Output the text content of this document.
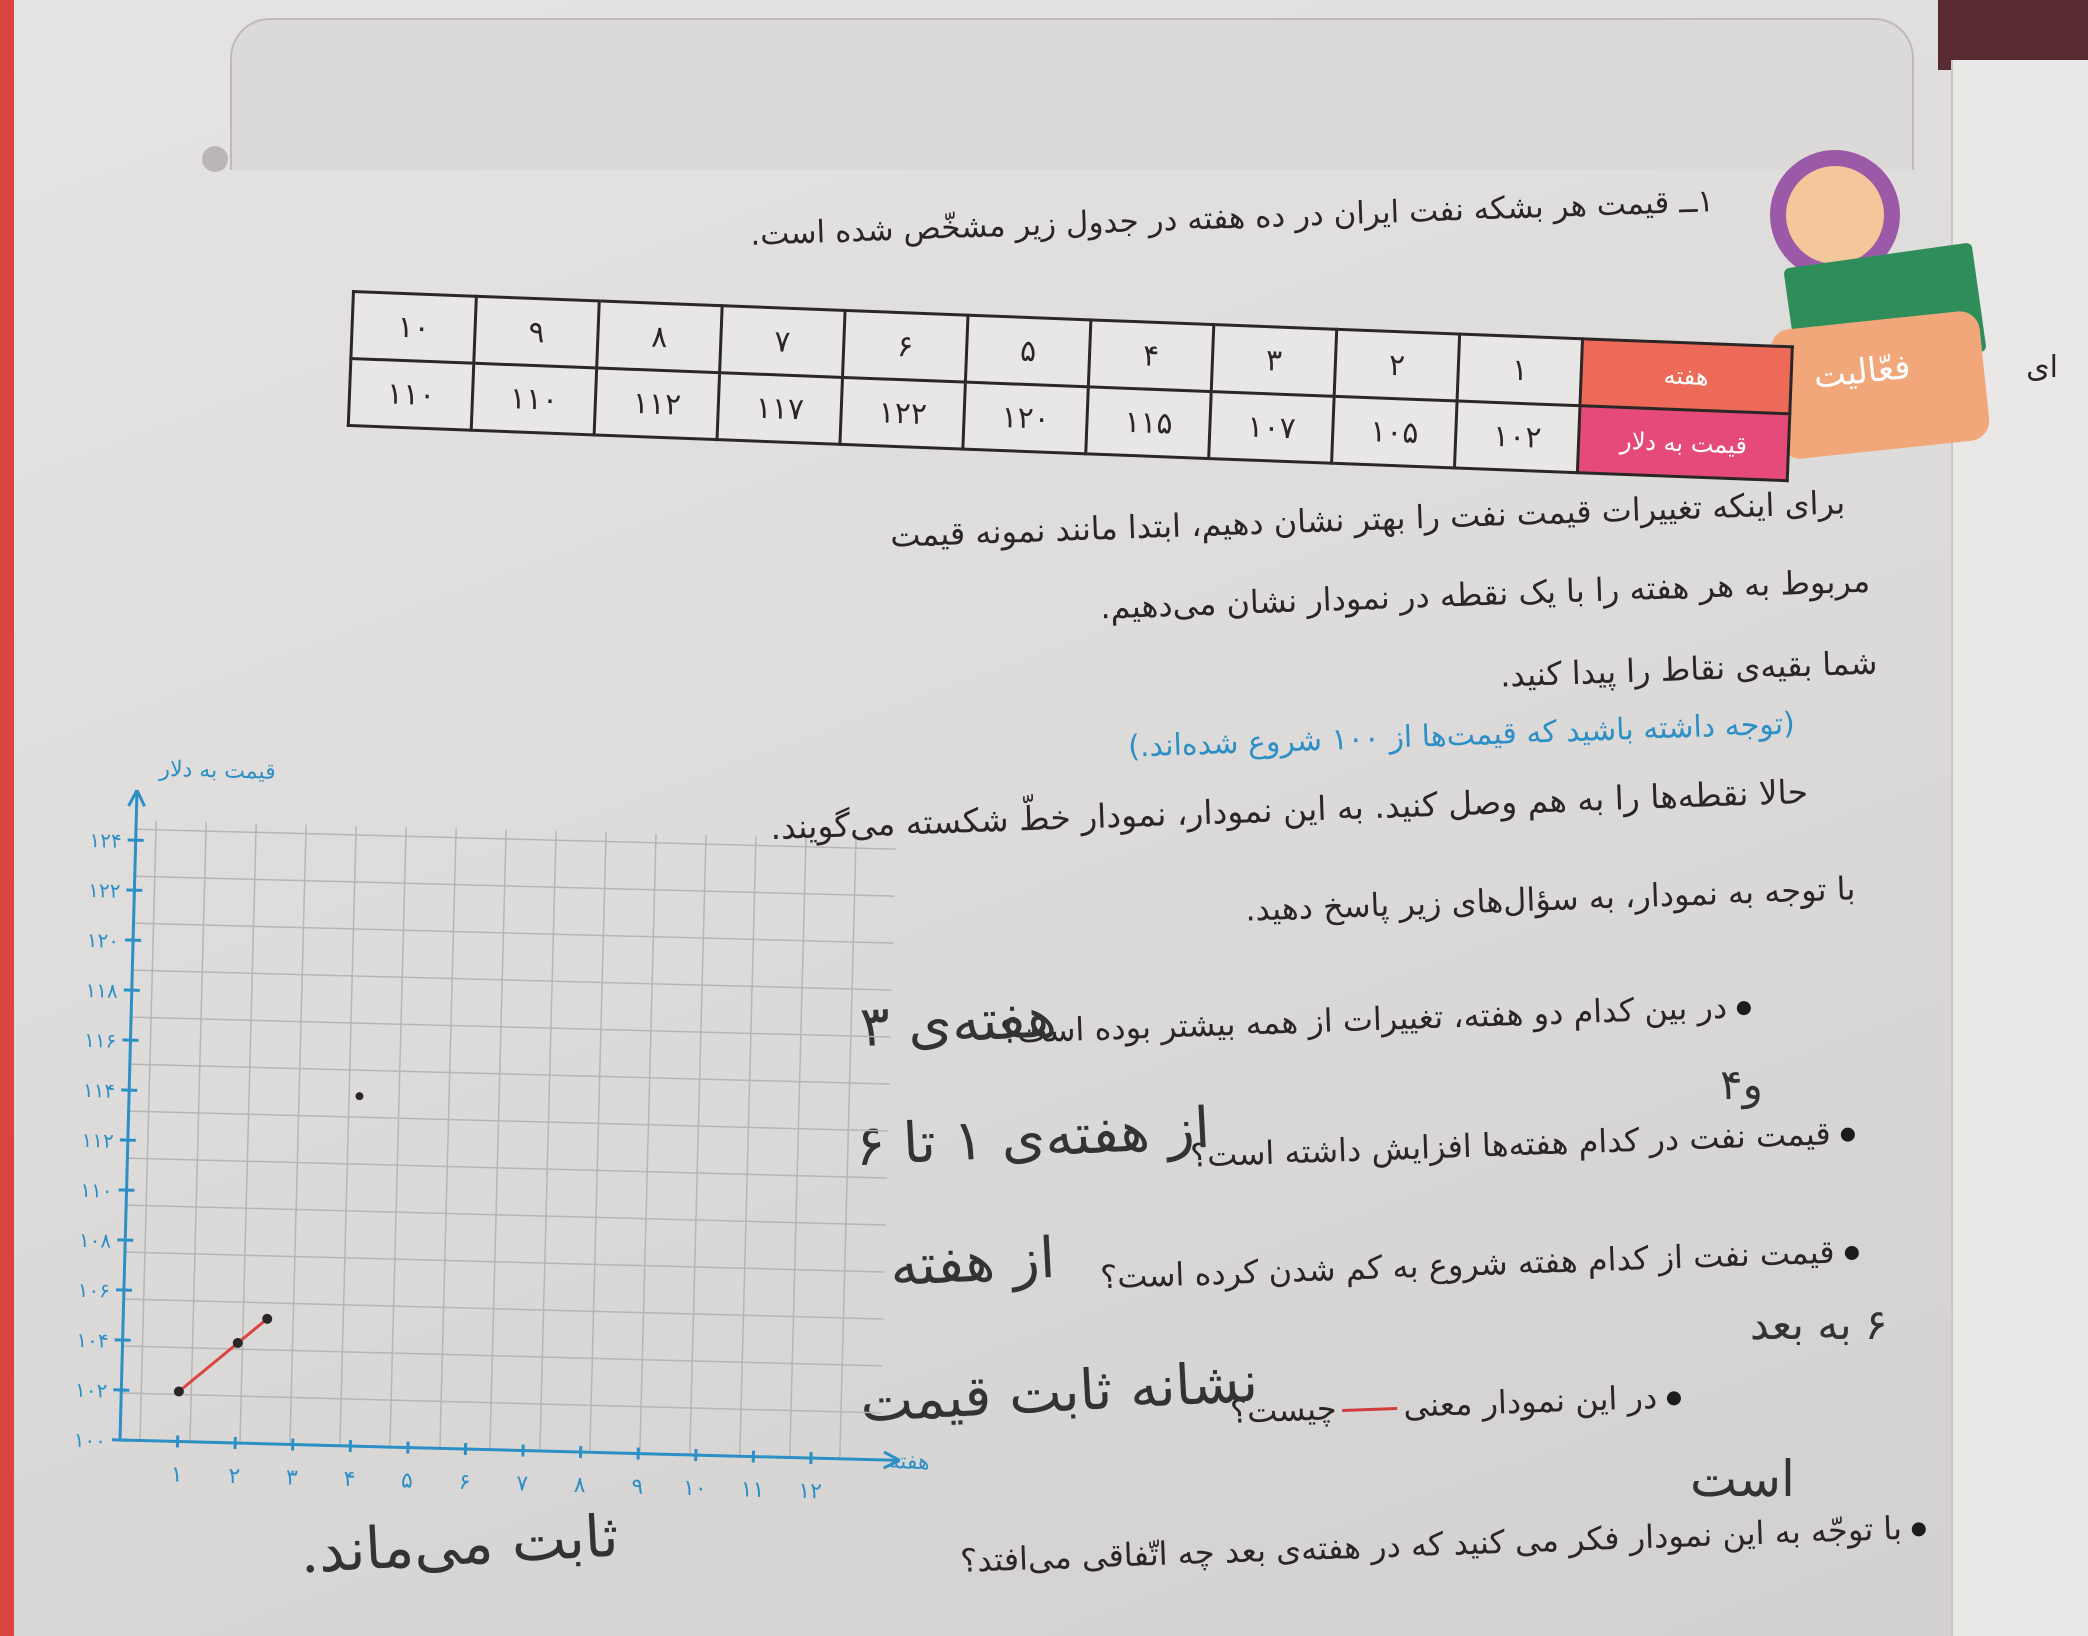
ای
فعّالیت
۱ــ قیمت هر بشکه نفت ایران در ده هفته در جدول زیر مشخّص شده است.
۱۰	۹	۸	۷	۶	۵	۴	۳	۲	۱	هفته
۱۱۰	۱۱۰	۱۱۲	۱۱۷	۱۲۲	۱۲۰	۱۱۵	۱۰۷	۱۰۵	۱۰۲	قیمت به دلار
برای اینکه تغییرات قیمت نفت را بهتر نشان دهیم، ابتدا مانند نمونه قیمت
مربوط به هر هفته را با یک نقطه در نمودار نشان می‌دهیم.
شما بقیه‌ی نقاط را پیدا کنید.
(توجه داشته باشید که قیمت‌ها از ۱۰۰ شروع شده‌اند.)
حالا نقطه‌ها را به هم وصل کنید. به این نمودار، نمودار خطّ شکسته می‌گویند.
با توجه به نمودار، به سؤال‌های زیر پاسخ دهید.
در بین کدام دو هفته، تغییرات از همه بیشتر بوده است؟
قیمت نفت در کدام هفته‌ها افزایش داشته است؟
قیمت نفت از کدام هفته شروع به کم شدن کرده است؟
در این نمودار معنیچیست؟
با توجّه به این نمودار فکر می کنید که در هفته‌ی بعد چه اتّفاقی می‌افتد؟
هفته‌ی ۳
و۴
از هفته‌ی ۱ تا ۶
از هفته
۶ به بعد
نشانه ثابت قیمت
است
ثابت می‌ماند.
۱ ۲ ۳ ۴ ۵ ۶ ۷ ۸ ۹ ۱۰ ۱۱ ۱۲
۱۰۰
۱۰۲
۱۰۴
۱۰۶
۱۰۸
۱۱۰
۱۱۲
۱۱۴
۱۱۶
۱۱۸
۱۲۰
۱۲۲
۱۲۴
قیمت به دلار
هفته
